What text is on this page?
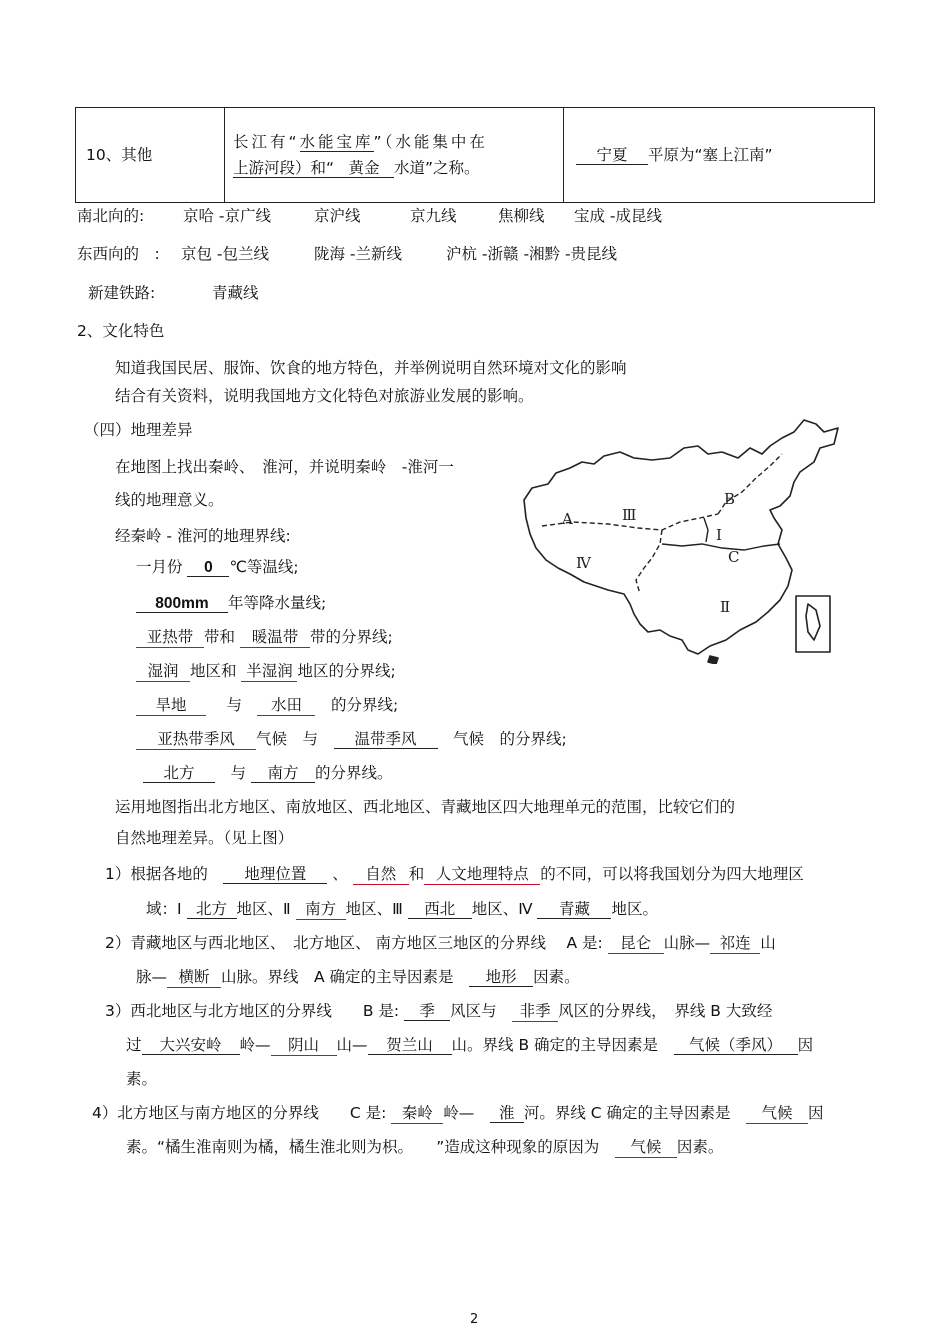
10、其他	
长江有“水能宝库”（水能集中在
上游河段）和“ 黄金 水道”之称。
	宁夏 平原为“塞上江南”
南北向的:	京哈 -京广线	京沪线	京九线	焦柳线 宝成 -成昆线
东西向的　: 京包 -包兰线	陇海 -兰新线	沪杭 -浙赣 -湘黔 -贵昆线
新建铁路:	青藏线
2、文化特色
知道我国民居、服饰、饮食的地方特色，并举例说明自然环境对文化的影响
结合有关资料，说明我国地方文化特色对旅游业发展的影响。
（四）地理差异
在地图上找出秦岭、　淮河，并说明秦岭　-淮河一
线的地理意义。
经秦岭 - 淮河的地理界线:
一月份 0 ℃等温线;
800mm 年等降水量线;
亚热带 带和 暖温带 带的分界线;
湿润 地区和 半湿润 地区的分界线;
旱地　	与　 水田　 的分界线;
亚热带季风 气候　与　 温带季风　 气候　的分界线;
北方　 与 南方 的分界线。
运用地图指出北方地区、南放地区、西北地区、青藏地区四大地理单元的范围，比较它们的
自然地理差异。（见上图）
1）根据各地的　 地理位置 、 自然 和 人文地理特点 的不同，可以将我国划分为四大地理区
域：Ⅰ 北方 地区、Ⅱ 南方 地区、Ⅲ 西北 地区、Ⅳ 青藏 地区。
2）青藏地区与西北地区、　北方地区、 南方地区三地区的分界线　 A 是: 昆仑 山脉— 祁连 山
脉— 横断 山脉。界线　A 确定的主导因素是　 地形 因素。
3）西北地区与北方地区的分界线　　B 是: 季 风区与　 非季 风区的分界线，　界线 B 大致经
过 大兴安岭 岭— 阴山 山— 贺兰山 山。界线 B 确定的主导因素是　 气候（季风） 因
素。
4）北方地区与南方地区的分界线　　C 是: 秦岭 岭—　 淮 河。界线 C 确定的主导因素是　 气候 因
素。“橘生淮南则为橘，橘生淮北则为枳。　　”造成这种现象的原因为　 气候 因素。
A	Ⅲ
B
Ⅰ
C
Ⅳ
Ⅱ
2
